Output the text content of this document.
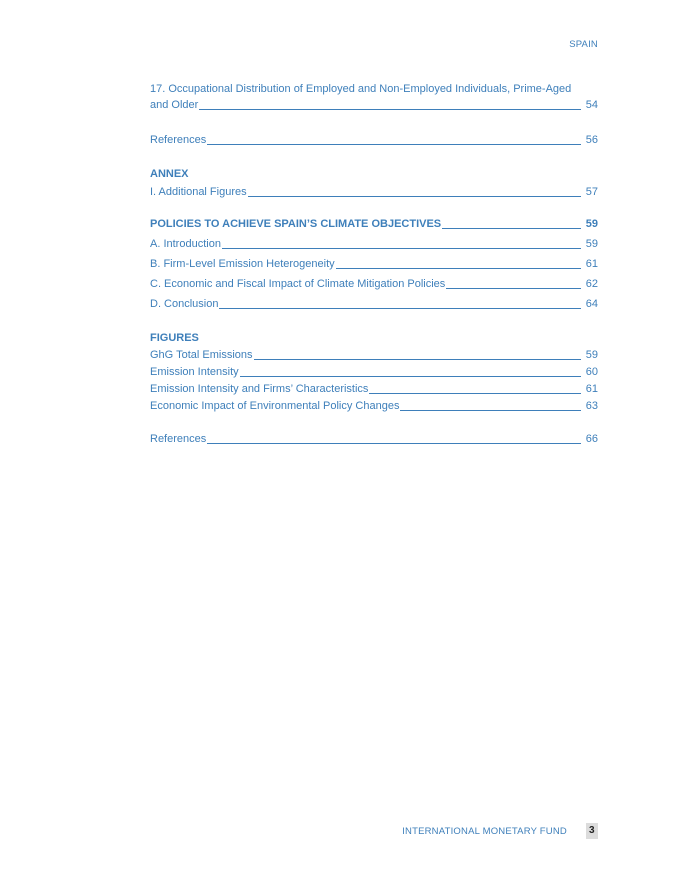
SPAIN
17. Occupational Distribution of Employed and Non-Employed Individuals, Prime-Aged
and Older	54
References	56
ANNEX
I. Additional Figures	57
POLICIES TO ACHIEVE SPAIN’S CLIMATE OBJECTIVES	59
A. Introduction	59
B. Firm-Level Emission Heterogeneity	61
C. Economic and Fiscal Impact of Climate Mitigation Policies	62
D. Conclusion	64
FIGURES
GhG Total Emissions	59
Emission Intensity	60
Emission Intensity and Firms’ Characteristics	61
Economic Impact of Environmental Policy Changes	63
References	66
INTERNATIONAL MONETARY FUND	3
